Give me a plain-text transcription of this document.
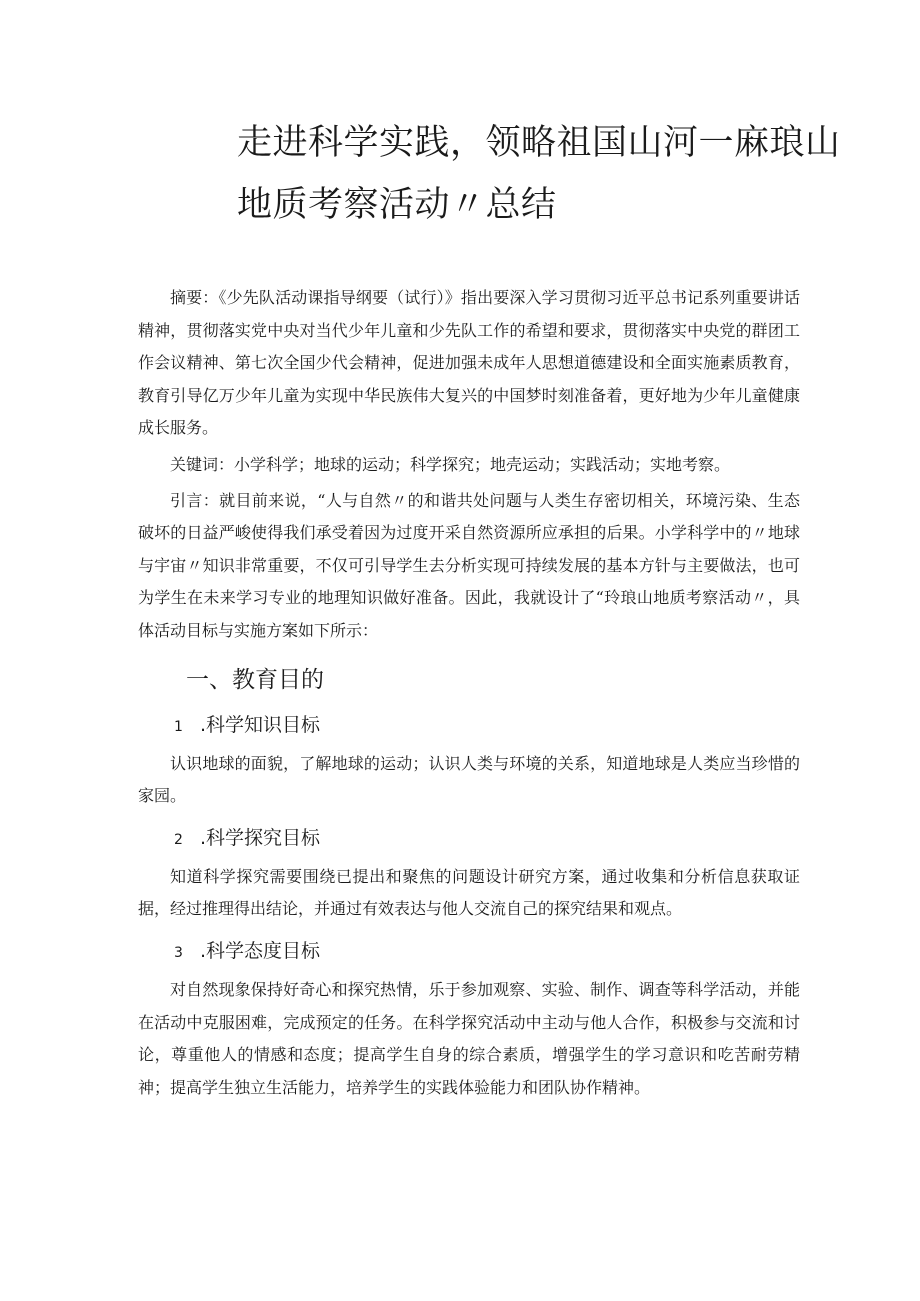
走进科学实践，领略祖国山河一麻琅山
地质考察活动〃总结

摘要：《少先队活动课指导纲要（试行）》指出要深入学习贯彻习近平总书记系列重要讲话精神，贯彻落实党中央对当代少年儿童和少先队工作的希望和要求，贯彻落实中央党的群团工作会议精神、第七次全国少代会精神，促进加强未成年人思想道德建设和全面实施素质教育，教育引导亿万少年儿童为实现中华民族伟大复兴的中国梦时刻准备着，更好地为少年儿童健康成长服务。

关键词：小学科学；地球的运动；科学探究；地壳运动；实践活动；实地考察。

引言：就目前来说，“人与自然〃的和谐共处问题与人类生存密切相关，环境污染、生态破坏的日益严峻使得我们承受着因为过度开采自然资源所应承担的后果。小学科学中的〃地球与宇宙〃知识非常重要，不仅可引导学生去分析实现可持续发展的基本方针与主要做法，也可为学生在未来学习专业的地理知识做好准备。因此，我就设计了“玲琅山地质考察活动〃，具体活动目标与实施方案如下所示：

一、教育目的
1 .科学知识目标

认识地球的面貌，了解地球的运动；认识人类与环境的关系，知道地球是人类应当珍惜的家园。

2 .科学探究目标

知道科学探究需要围绕已提出和聚焦的问题设计研究方案，通过收集和分析信息获取证据，经过推理得出结论，并通过有效表达与他人交流自己的探究结果和观点。

3 .科学态度目标

对自然现象保持好奇心和探究热情，乐于参加观察、实验、制作、调查等科学活动，并能在活动中克服困难，完成预定的任务。在科学探究活动中主动与他人合作，积极参与交流和讨论，尊重他人的情感和态度；提高学生自身的综合素质，增强学生的学习意识和吃苦耐劳精神；提高学生独立生活能力，培养学生的实践体验能力和团队协作精神。
